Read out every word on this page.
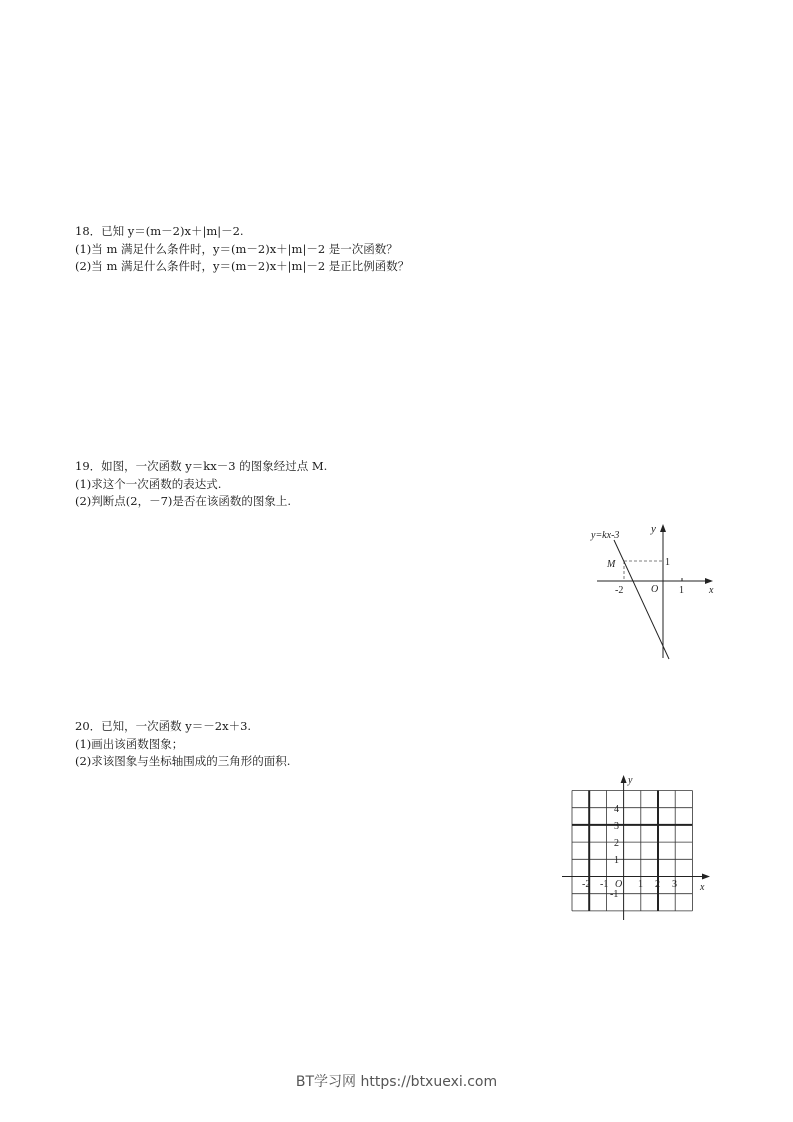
18．已知 y＝(m－2)x＋|m|－2.
(1)当 m 满足什么条件时，y＝(m－2)x＋|m|－2 是一次函数？
(2)当 m 满足什么条件时，y＝(m－2)x＋|m|－2 是正比例函数？
19．如图，一次函数 y＝kx－3 的图象经过点 M.
(1)求这个一次函数的表达式.
(2)判断点(2，－7)是否在该函数的图象上.
y=kx-3
M
-2	O 1
1
x
y
20．已知，一次函数 y＝－2x＋3.
(1)画出该函数图象；
(2)求该图象与坐标轴围成的三角形的面积.
y
x
4
3
2
1
-1
-2 -1 O 1 2 3
BT学习网 https://btxuexi.com
